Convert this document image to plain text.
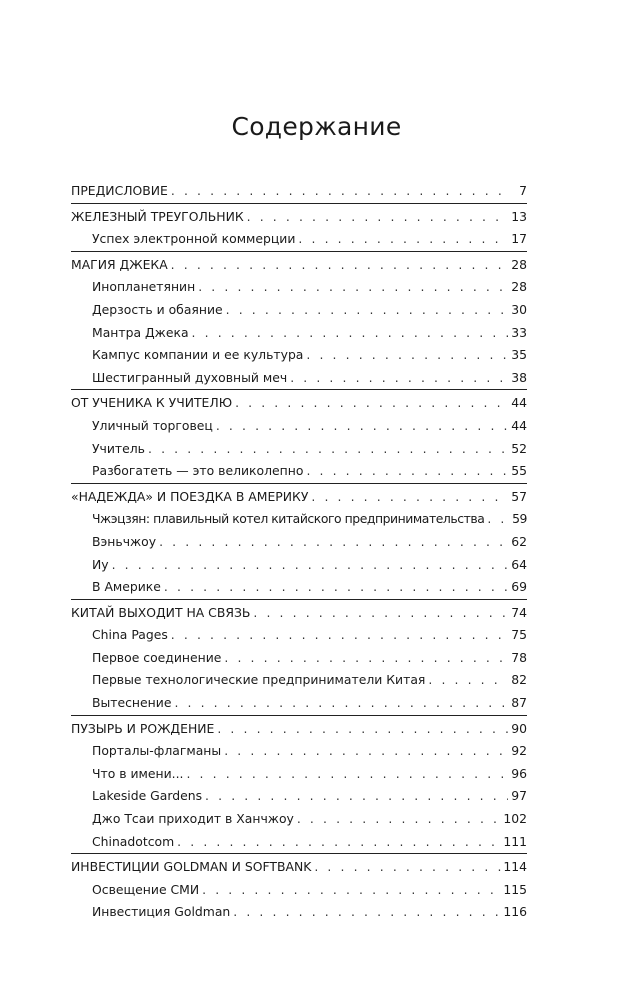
Содержание
ПРЕДИСЛОВИЕ . . .	7
ЖЕЛЕЗНЫЙ ТРЕУГОЛЬНИК . . .	13
Успех электронной коммерции . . .	17
МАГИЯ ДЖЕКА . . .	28
Инопланетянин . . .	28
Дерзость и обаяние . . .	30
Мантра Джека . . .	33
Кампус компании и ее культура . . .	35
Шестигранный духовный меч . . .	38
ОТ УЧЕНИКА К УЧИТЕЛЮ . . .	44
Уличный торговец . . .	44
Учитель . . .	52
Разбогатеть — это великолепно . . .	55
«НАДЕЖДА» И ПОЕЗДКА В АМЕРИКУ . . .	57
Чжэцзян: плавильный котел китайского предпринимательства . . . 59
Вэньчжоу . . .	62
Иу . . .	64
В Америке . . .	69
КИТАЙ ВЫХОДИТ НА СВЯЗЬ . . .	74
China Pages . . .	75
Первое соединение . . .	78
Первые технологические предприниматели Китая . . .	82
Вытеснение . . .	87
ПУЗЫРЬ И РОЖДЕНИЕ . . .	90
Порталы-флагманы . . .	92
Что в имени... . . .	96
Lakeside Gardens . . .	97
Джо Тсаи приходит в Ханчжоу . . .	102
Chinadotcom . . .	111
ИНВЕСТИЦИИ GOLDMAN И SOFTBANK . . .	114
Освещение СМИ . . .	115
Инвестиция Goldman . . .	116
